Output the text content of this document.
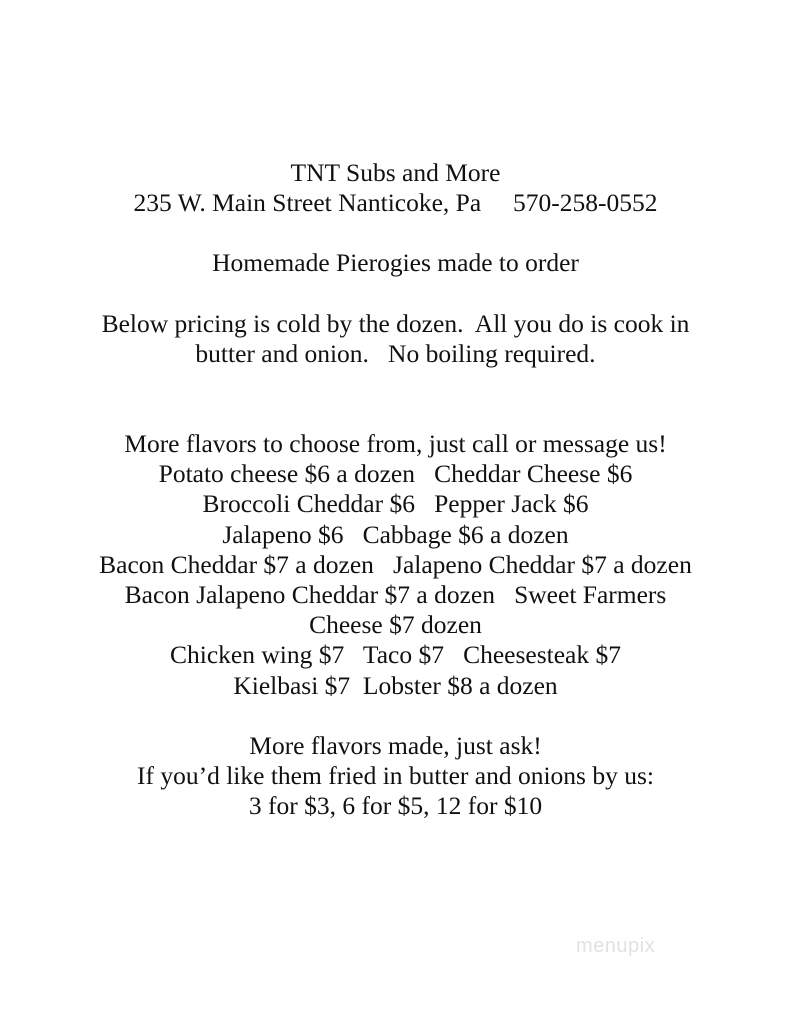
TNT Subs and More
235 W. Main Street Nanticoke, Pa     570-258-0552
Homemade Pierogies made to order
Below pricing is cold by the dozen.  All you do is cook in
butter and onion.   No boiling required.
More flavors to choose from, just call or message us!
Potato cheese $6 a dozen   Cheddar Cheese $6
Broccoli Cheddar $6   Pepper Jack $6
Jalapeno $6   Cabbage $6 a dozen
Bacon Cheddar $7 a dozen   Jalapeno Cheddar $7 a dozen
Bacon Jalapeno Cheddar $7 a dozen   Sweet Farmers
Cheese $7 dozen
Chicken wing $7   Taco $7   Cheesesteak $7
Kielbasi $7  Lobster $8 a dozen
More flavors made, just ask!
If you’d like them fried in butter and onions by us:
3 for $3, 6 for $5, 12 for $10
menupix
